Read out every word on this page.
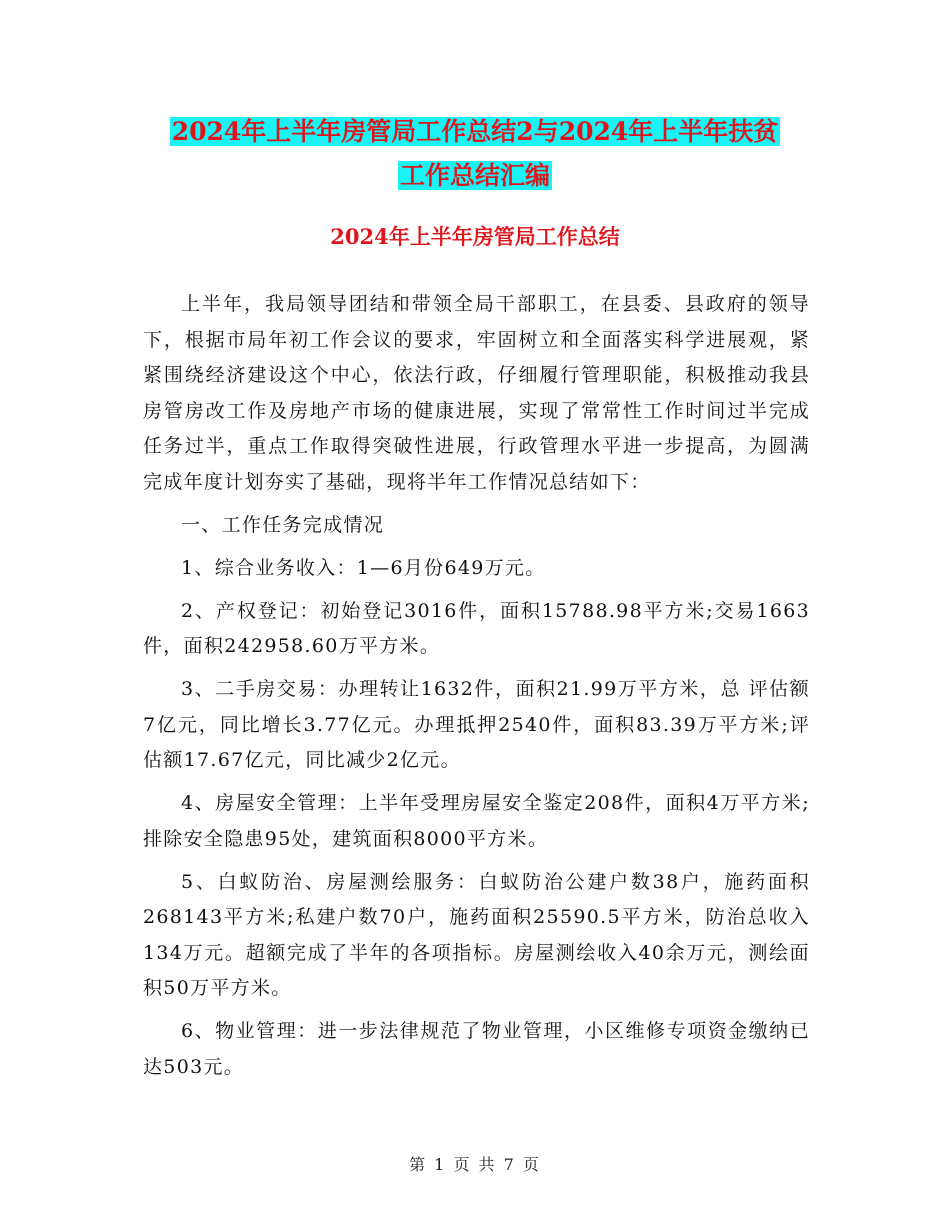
2024年上半年房管局工作总结2与2024年上半年扶贫
工作总结汇编
2024年上半年房管局工作总结

上半年，我局领导团结和带领全局干部职工，在县委、县政府的领导下，根据市局年初工作会议的要求，牢固树立和全面落实科学进展观，紧紧围绕经济建设这个中心，依法行政，仔细履行管理职能，积极推动我县房管房改工作及房地产市场的健康进展，实现了常常性工作时间过半完成任务过半，重点工作取得突破性进展，行政管理水平进一步提高，为圆满完成年度计划夯实了基础，现将半年工作情况总结如下：

一、工作任务完成情况

1、综合业务收入：1—6月份649万元。

2、产权登记：初始登记3016件，面积15788.98平方米;交易1663件，面积242958.60万平方米。

3、二手房交易：办理转让1632件，面积21.99万平方米，总 评估额7亿元，同比增长3.77亿元。办理抵押2540件，面积83.39万平方米;评估额17.67亿元，同比减少2亿元。

4、房屋安全管理：上半年受理房屋安全鉴定208件，面积4万平方米;排除安全隐患95处，建筑面积8000平方米。

5、白蚁防治、房屋测绘服务：白蚁防治公建户数38户，施药面积268143平方米;私建户数70户，施药面积25590.5平方米，防治总收入134万元。超额完成了半年的各项指标。房屋测绘收入40余万元，测绘面积50万平方米。

6、物业管理：进一步法律规范了物业管理，小区维修专项资金缴纳已达503元。

第 1 页 共 7 页
